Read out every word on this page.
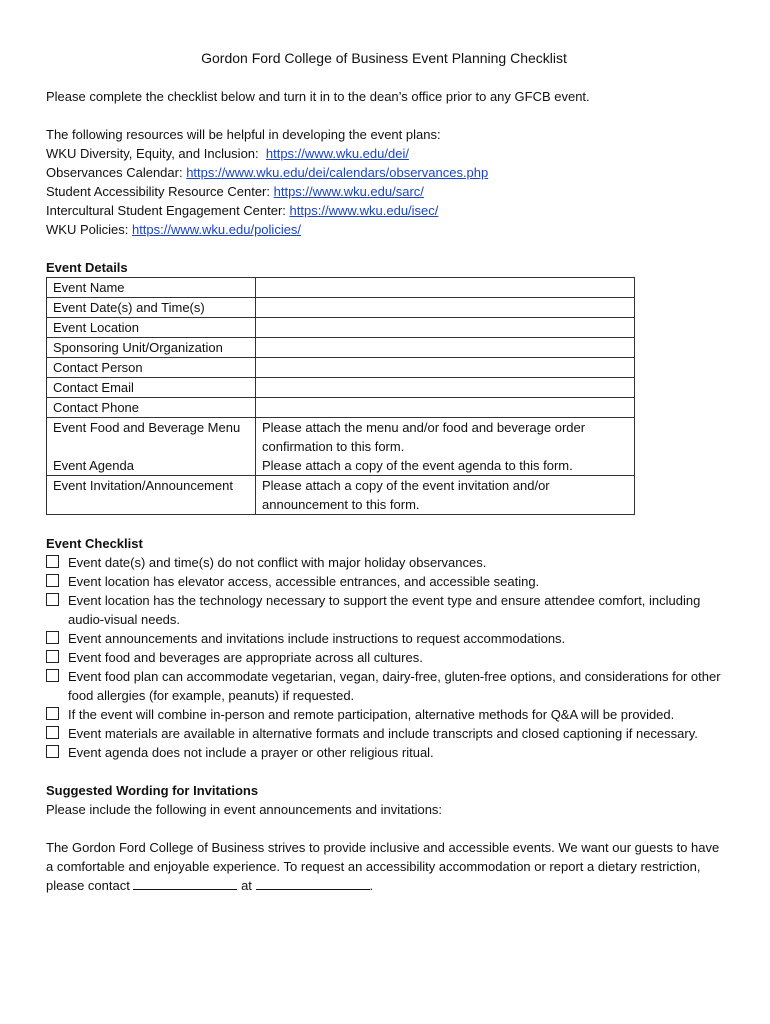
Gordon Ford College of Business Event Planning Checklist
Please complete the checklist below and turn it in to the dean’s office prior to any GFCB event.
The following resources will be helpful in developing the event plans:
WKU Diversity, Equity, and Inclusion:  https://www.wku.edu/dei/
Observances Calendar: https://www.wku.edu/dei/calendars/observances.php
Student Accessibility Resource Center: https://www.wku.edu/sarc/
Intercultural Student Engagement Center: https://www.wku.edu/isec/
WKU Policies: https://www.wku.edu/policies/
Event Details
Event Name	
Event Date(s) and Time(s)	
Event Location	
Sponsoring Unit/Organization	
Contact Person	
Contact Email	
Contact Phone	
Event Food and Beverage Menu	Please attach the menu and/or food and beverage order confirmation to this form.
Event Agenda	Please attach a copy of the event agenda to this form.
Event Invitation/Announcement	Please attach a copy of the event invitation and/or announcement to this form.
Event Checklist
Event date(s) and time(s) do not conflict with major holiday observances.
Event location has elevator access, accessible entrances, and accessible seating.
Event location has the technology necessary to support the event type and ensure attendee comfort, including audio-visual needs.
Event announcements and invitations include instructions to request accommodations.
Event food and beverages are appropriate across all cultures.
Event food plan can accommodate vegetarian, vegan, dairy-free, gluten-free options, and considerations for other food allergies (for example, peanuts) if requested.
If the event will combine in-person and remote participation, alternative methods for Q&A will be provided.
Event materials are available in alternative formats and include transcripts and closed captioning if necessary.
Event agenda does not include a prayer or other religious ritual.
Suggested Wording for Invitations
Please include the following in event announcements and invitations:
The Gordon Ford College of Business strives to provide inclusive and accessible events. We want our guests to have a comfortable and enjoyable experience. To request an accessibility accommodation or report a dietary restriction, please contact	at	.
